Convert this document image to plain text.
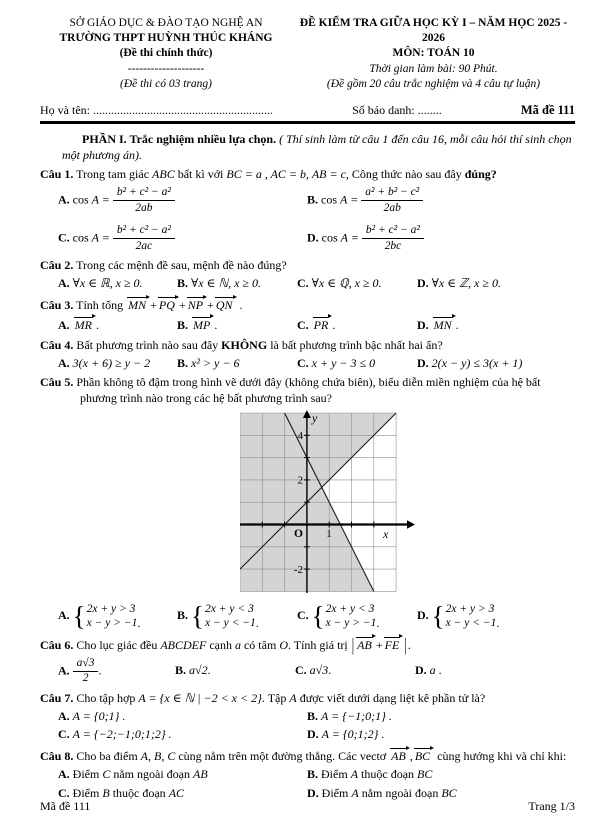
SỞ GIÁO DỤC & ĐÀO TẠO NGHỆ AN
TRƯỜNG THPT HUỲNH THÚC KHÁNG
(Đề thi chính thức)
--------------------
(Đề thi có 03 trang)
ĐỀ KIỂM TRA GIỮA HỌC KỲ I – NĂM HỌC 2025 - 2026
MÔN: TOÁN 10
Thời gian làm bài: 90 Phút.
(Đề gồm 20 câu trắc nghiệm và 4 câu tự luận)
Họ và tên: ............................................................	Số báo danh: ........	Mã đề 111

PHẦN I. Trắc nghiệm nhiều lựa chọn. ( Thí sinh làm từ câu 1 đến câu 16, mỗi câu hỏi thí sinh chọn một phương án).

Câu 1. Trong tam giác ABC bất kì với BC = a , AC = b, AB = c, Công thức nào sau đây đúng?

A. $\cos A = \frac{\text{b² + c² − a²}}{2ab}$	B. $\cos A = \frac{\text{a² + b² − c²}}{2ab}$
C. $\cos A = \frac{\text{b² + c² − a²}}{2ac}$	D. $\cos A = \frac{\text{b² + c² − a²}}{2bc}$

Câu 2. Trong các mệnh đề sau, mệnh đề nào đúng?

A. ∀x ∈ ℝ, x ≥ 0.	B. ∀x ∈ ℕ, x ≥ 0.	C. ∀x ∈ ℚ, x ≥ 0.	D. ∀x ∈ ℤ, x ≥ 0.

Câu 3. Tính tổng MN + PQ + NP + QN .

A. MR .	B. MP .	C. PR .	D. MN .

Câu 4. Bất phương trình nào sau đây KHÔNG là bất phương trình bậc nhất hai ẩn?

A. 3(x + 6) ≥ y − 2	B. x² > y − 6	C. x + y − 3 ≤ 0	D. 2(x − y) ≤ 3(x + 1)

Câu 5. Phần không tô đậm trong hình vẽ dưới đây (không chứa biên), biểu diễn miền nghiệm của hệ bất phương trình nào trong các hệ bất phương trình sau?

y
x
O 1
4
2
-2
A. { 2x + y > 3
x − y > −1 .
B. { 2x + y < 3
x − y < −1 .
C. { 2x + y < 3
x − y > −1 .
D. { 2x + y > 3
x − y < −1 .

Câu 6. Cho lục giác đều ABCDEF cạnh a có tâm O. Tính giá trị | AB + FE |.

A. $\frac{a√3}{2}$ .	B. a√2.	C. a√3.	D. a .

Câu 7. Cho tập hợp A = {x ∈ ℕ | −2 < x < 2}. Tập A được viết dưới dạng liệt kê phần tử là?

A. A = {0;1} .	B. A = {−1;0;1} .
C. A = {−2;−1;0;1;2} .	D. A = {0;1;2} .

Câu 8. Cho ba điểm A, B, C cùng nằm trên một đường thẳng. Các vectơ AB , BC cùng hướng khi và chỉ khi:

A. Điểm C nằm ngoài đoạn AB	B. Điểm A thuộc đoạn BC
C. Điểm B thuộc đoạn AC	D. Điểm A nằm ngoài đoạn BC
Mã đề 111	Trang 1/3
